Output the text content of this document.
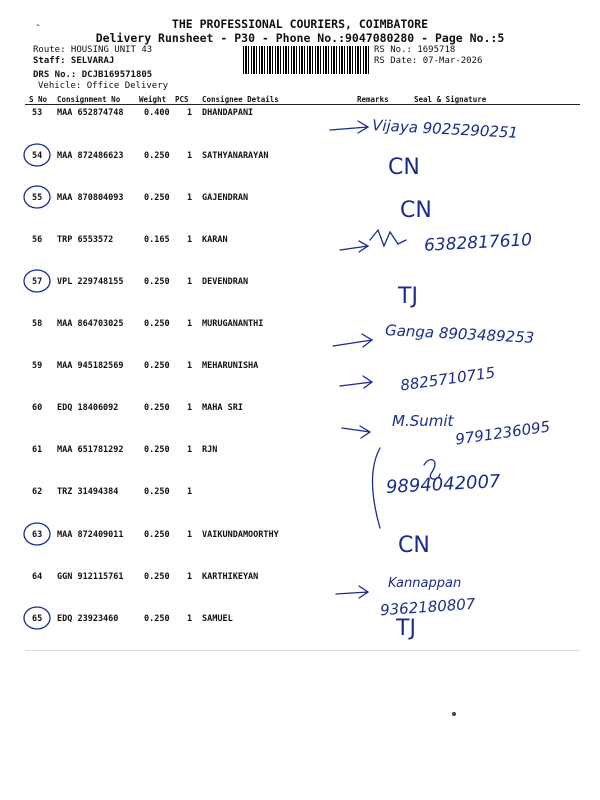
-	THE PROFESSIONAL COURIERS, COIMBATORE
Delivery Runsheet - P30 - Phone No.:9047080280 - Page No.:5
Route: HOUSING UNIT 43
Staff: SELVARAJ
DRS No.: DCJB169571805
Vehicle: Office Delivery
RS No.: 1695718
RS Date: 07-Mar-2026
S No Consignment No	Weight PCS Consignee Details	Remarks	Seal & Signature
53 MAA 652874748 0.400 1 DHANDAPANI
54 MAA 872486623 0.250 1 SATHYANARAYAN
55 MAA 870804093 0.250 1 GAJENDRAN
56 TRP 6553572	0.165 1 KARAN
57 VPL 229748155 0.250 1 DEVENDRAN
58 MAA 864703025 0.250 1 MURUGANANTHI
59 MAA 945182569 0.250 1 MEHARUNISHA
60 EDQ 18406092	0.250 1 MAHA SRI
61 MAA 651781292 0.250 1 RJN
62 TRZ 31494384	0.250 1
63 MAA 872409011 0.250 1 VAIKUNDAMOORTHY
64 GGN 912115761 0.250 1 KARTHIKEYAN
65 EDQ 23923460	0.250 1 SAMUEL
Vijaya 9025290251
CN
CN
6382817610
TJ
Ganga 8903489253
8825710715
M.Sumit 9791236095
9894042007
CN
Kannappan
9362180807
TJ
